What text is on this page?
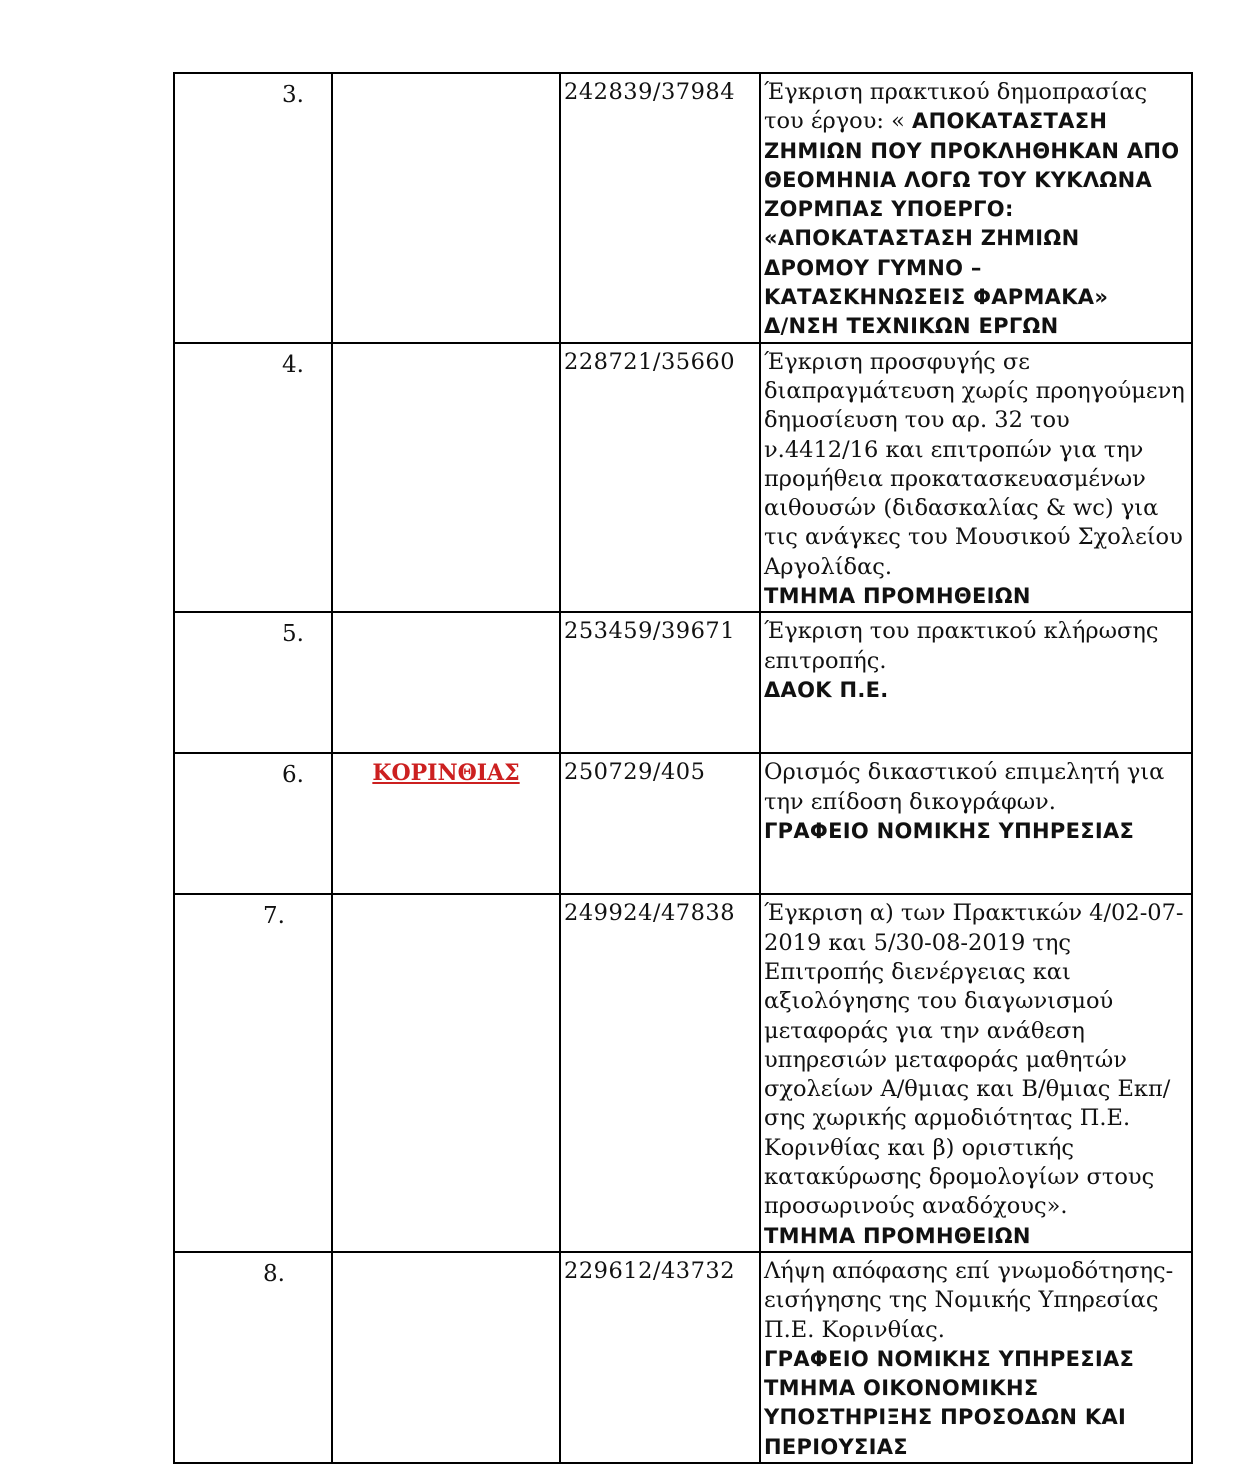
3.		242839/37984	Έγκριση πρακτικού δημοπρασίας του έργου: « ΑΠΟΚΑΤΑΣΤΑΣΗ ΖΗΜΙΩΝ ΠΟΥ ΠΡΟΚΛΗΘΗΚΑΝ ΑΠΟ ΘΕΟΜΗΝΙΑ ΛΟΓΩ ΤΟΥ ΚΥΚΛΩΝΑ ΖΟΡΜΠΑΣ ΥΠΟΕΡΓΟ: «ΑΠΟΚΑΤΑΣΤΑΣΗ ΖΗΜΙΩΝ ΔΡΟΜΟΥ ΓΥΜΝΟ – ΚΑΤΑΣΚΗΝΩΣΕΙΣ ΦΑΡΜΑΚΑ»
Δ/ΝΣΗ ΤΕΧΝΙΚΩΝ ΕΡΓΩΝ

4.		228721/35660	Έγκριση προσφυγής σε διαπραγμάτευση χωρίς προηγούμενη δημοσίευση του αρ. 32 του ν.4412/16 και επιτροπών για την προμήθεια προκατασκευασμένων αιθουσών (διδασκαλίας & wc) για τις ανάγκες του Μουσικού Σχολείου Αργολίδας.
ΤΜΗΜΑ ΠΡΟΜΗΘΕΙΩΝ

5.		253459/39671	Έγκριση του πρακτικού κλήρωσης επιτροπής.
ΔΑΟΚ Π.Ε.

6.	ΚΟΡΙΝΘΙΑΣ	250729/405	Ορισμός δικαστικού επιμελητή για την επίδοση δικογράφων.
ΓΡΑΦΕΙΟ ΝΟΜΙΚΗΣ ΥΠΗΡΕΣΙΑΣ

7.		249924/47838	Έγκριση α) των Πρακτικών 4/02-07-2019 και 5/30-08-2019 της Επιτροπής διενέργειας και αξιολόγησης του διαγωνισμού μεταφοράς για την ανάθεση υπηρεσιών μεταφοράς μαθητών σχολείων Α/θμιας και Β/θμιας Εκπ/σης χωρικής αρμοδιότητας Π.Ε. Κορινθίας και β) οριστικής κατακύρωσης δρομολογίων στους προσωρινούς αναδόχους».
ΤΜΗΜΑ ΠΡΟΜΗΘΕΙΩΝ

8.		229612/43732	Λήψη απόφασης επί γνωμοδότησης-εισήγησης της Νομικής Υπηρεσίας Π.Ε. Κορινθίας.
ΓΡΑΦΕΙΟ ΝΟΜΙΚΗΣ ΥΠΗΡΕΣΙΑΣ
ΤΜΗΜΑ ΟΙΚΟΝΟΜΙΚΗΣ ΥΠΟΣΤΗΡΙΞΗΣ ΠΡΟΣΟΔΩΝ ΚΑΙ ΠΕΡΙΟΥΣΙΑΣ
